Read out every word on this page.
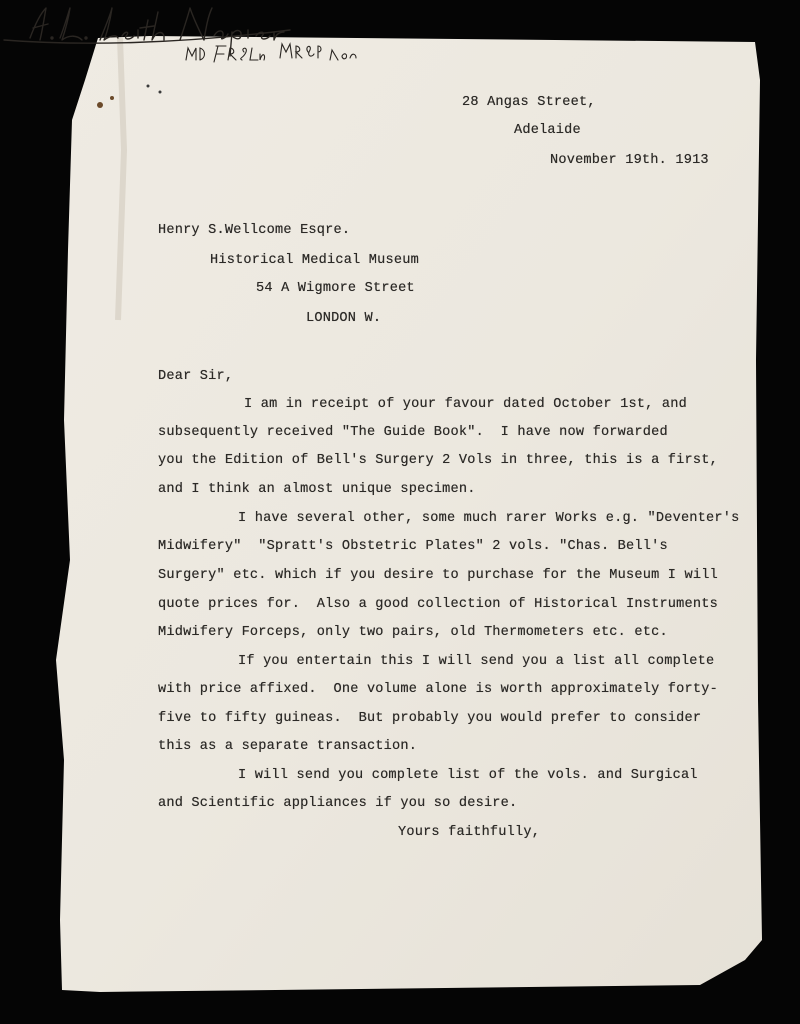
28 Angas Street,
Adelaide
November 19th. 1913
Henry S.Wellcome Esqre.
Historical Medical Museum
54 A Wigmore Street
LONDON W.
Dear Sir,
I am in receipt of your favour dated October 1st, and
subsequently received "The Guide Book".  I have now forwarded
you the Edition of Bell's Surgery 2 Vols in three, this is a first,
and I think an almost unique specimen.
I have several other, some much rarer Works e.g. "Deventer's
Midwifery"  "Spratt's Obstetric Plates" 2 vols. "Chas. Bell's
Surgery" etc. which if you desire to purchase for the Museum I will
quote prices for.  Also a good collection of Historical Instruments
Midwifery Forceps, only two pairs, old Thermometers etc. etc.
If you entertain this I will send you a list all complete
with price affixed.  One volume alone is worth approximately forty-
five to fifty guineas.  But probably you would prefer to consider
this as a separate transaction.
I will send you complete list of the vols. and Surgical
and Scientific appliances if you so desire.
Yours faithfully,
